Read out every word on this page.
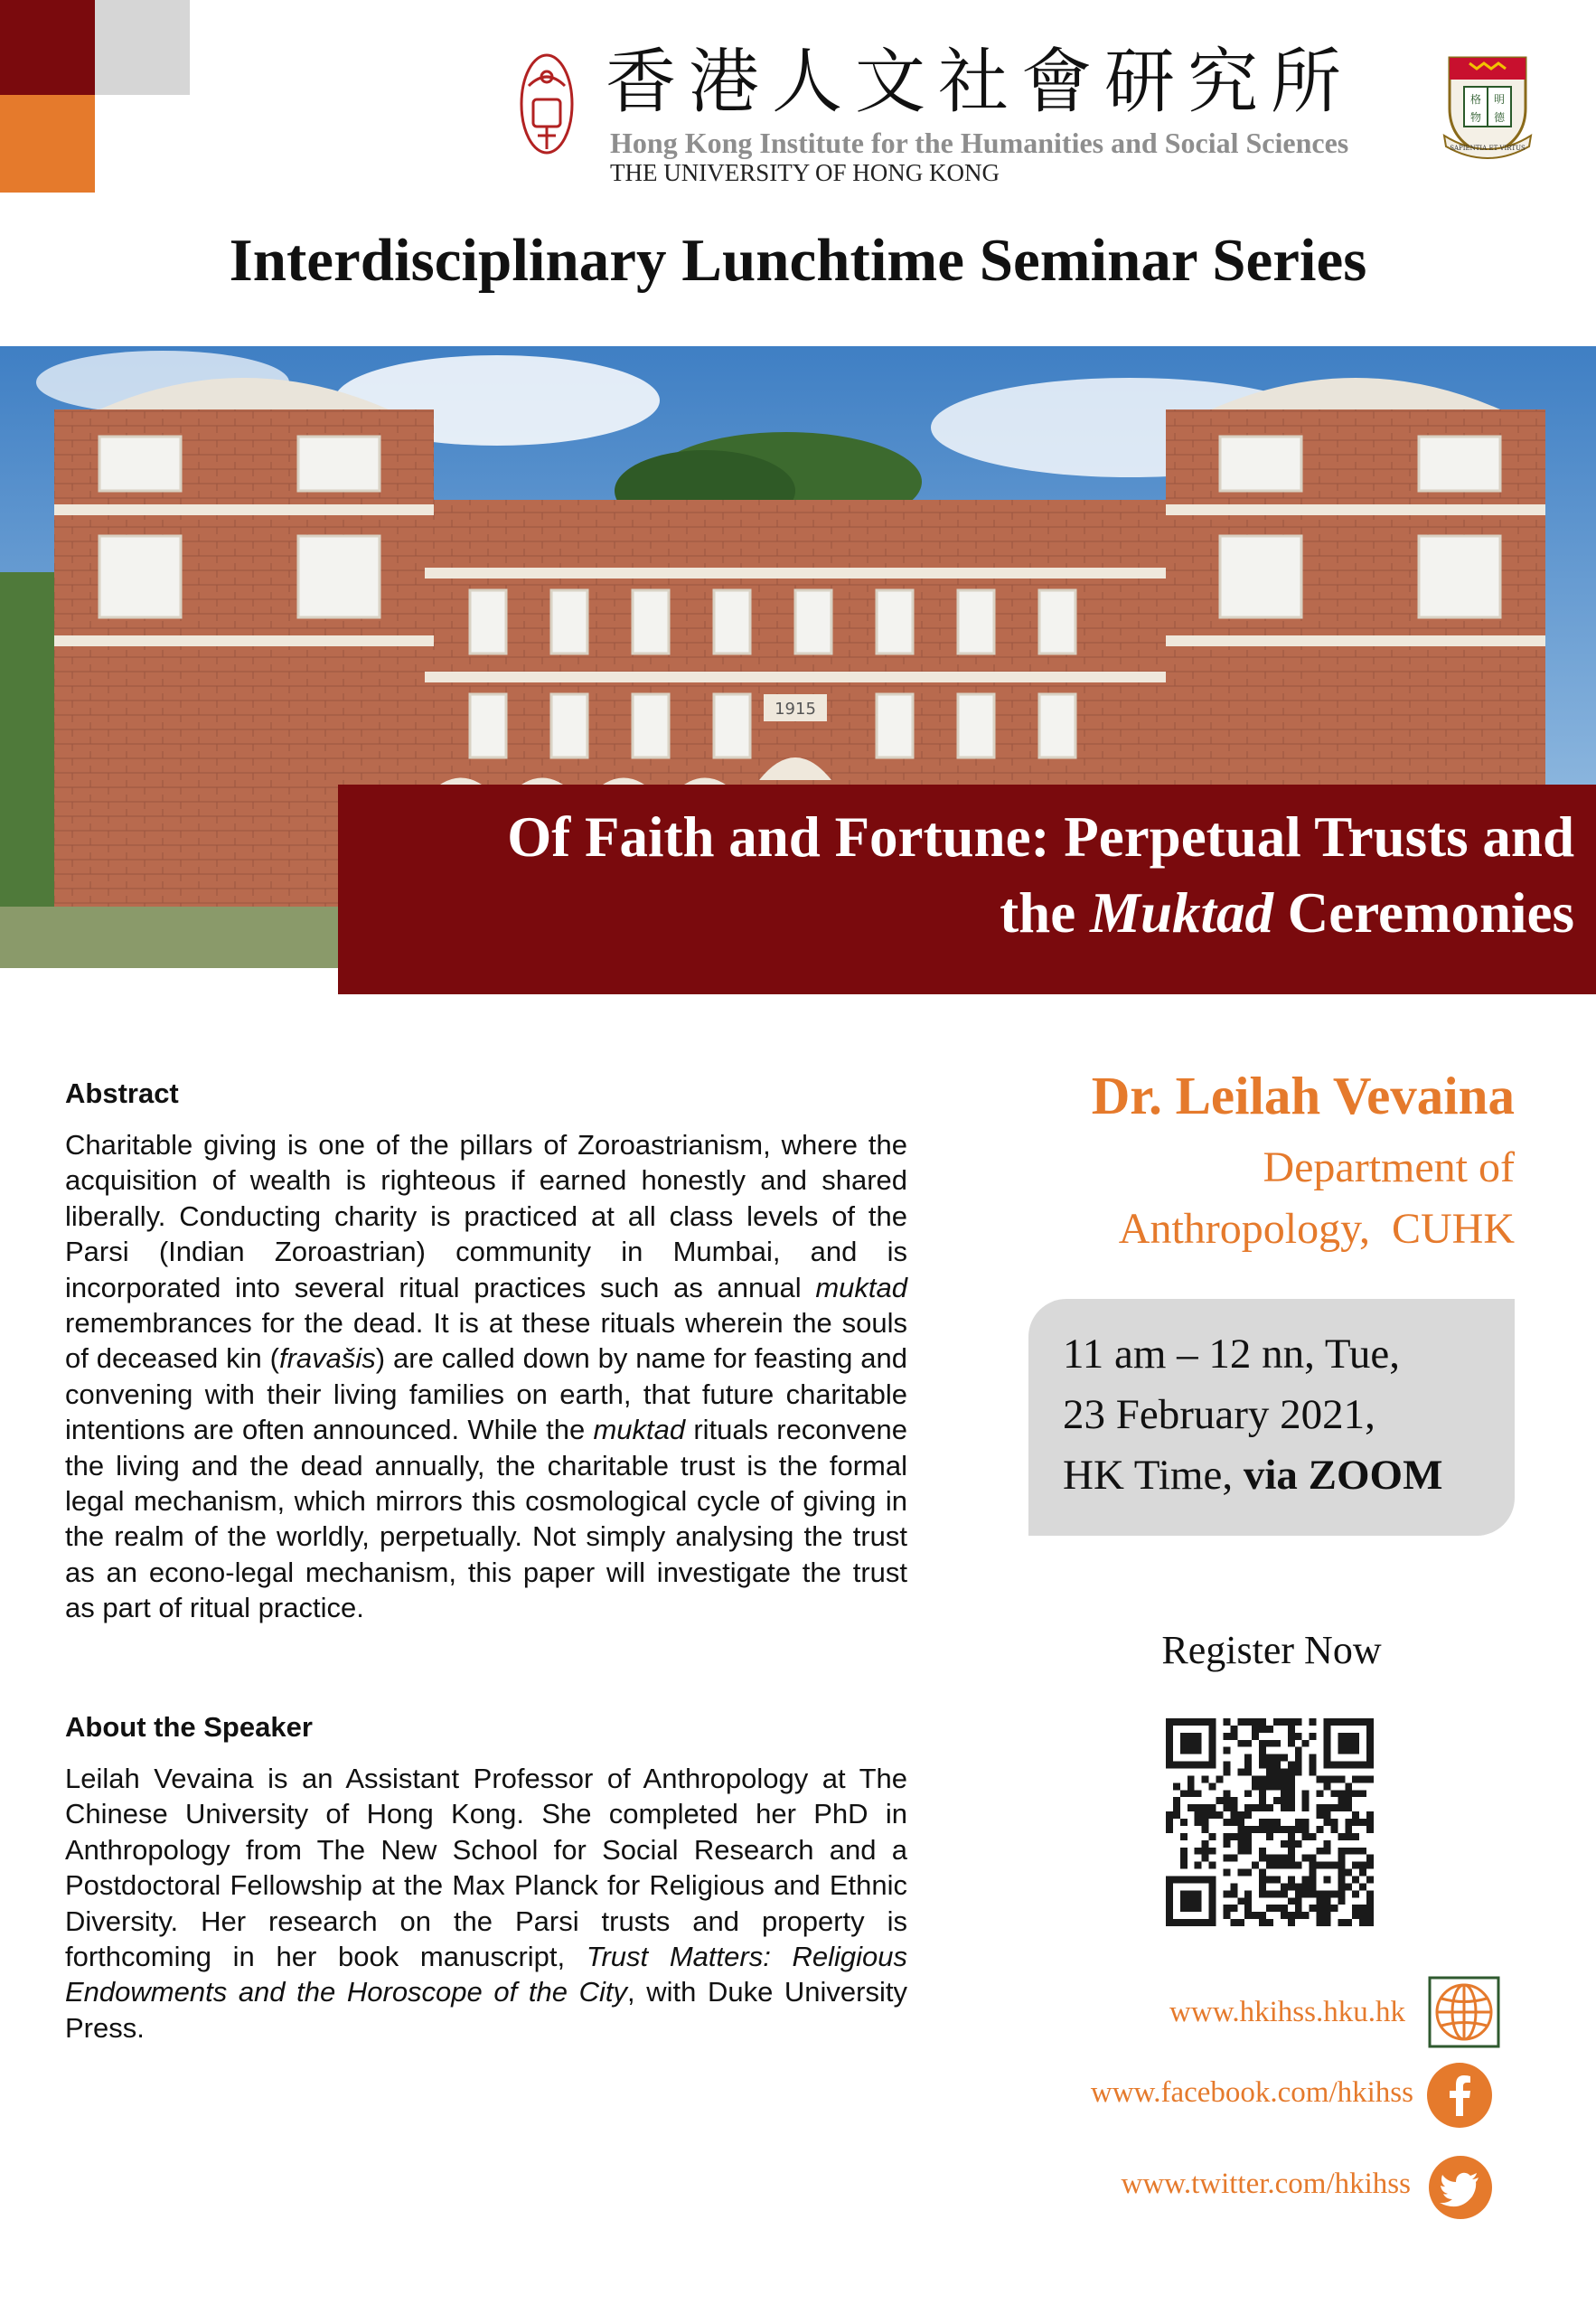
香港人文社會研究所
Hong Kong Institute for the Humanities and Social Sciences
THE UNIVERSITY OF HONG KONG
格 明
物 德
SAPIENTIA ET VIRTUS
Interdisciplinary Lunchtime Seminar Series
1915
Of Faith and Fortune: Perpetual Trusts and
the Muktad Ceremonies
Abstract
Charitable giving is one of the pillars of Zoroastrianism, where the acquisition of wealth is righteous if earned honestly and shared liberally. Conducting charity is practiced at all class levels of the Parsi (Indian Zoroastrian) community in Mumbai, and is incorporated into several ritual practices such as annual muktad remembrances for the dead. It is at these rituals wherein the souls of deceased kin (fravašis) are called down by name for feasting and convening with their living families on earth, that future charitable intentions are often announced. While the muktad rituals reconvene the living and the dead annually, the charitable trust is the formal legal mechanism, which mirrors this cosmological cycle of giving in the realm of the worldly, perpetually. Not simply analysing the trust as an econo-legal mechanism, this paper will investigate the trust as part of ritual practice.
About the Speaker
Leilah Vevaina is an Assistant Professor of Anthropology at The Chinese University of Hong Kong. She completed her PhD in Anthropology from The New School for Social Research and a Postdoctoral Fellowship at the Max Planck for Religious and Ethnic Diversity. Her research on the Parsi trusts and property is forthcoming in her book manuscript, Trust Matters: Religious Endowments and the Horoscope of the City, with Duke University Press.
Dr. Leilah Vevaina
Department of
Anthropology,  CUHK
11 am – 12 nn, Tue,
23 February 2021,
HK Time, via ZOOM
Register Now
www.hkihss.hku.hk
www.facebook.com/hkihss
www.twitter.com/hkihss
